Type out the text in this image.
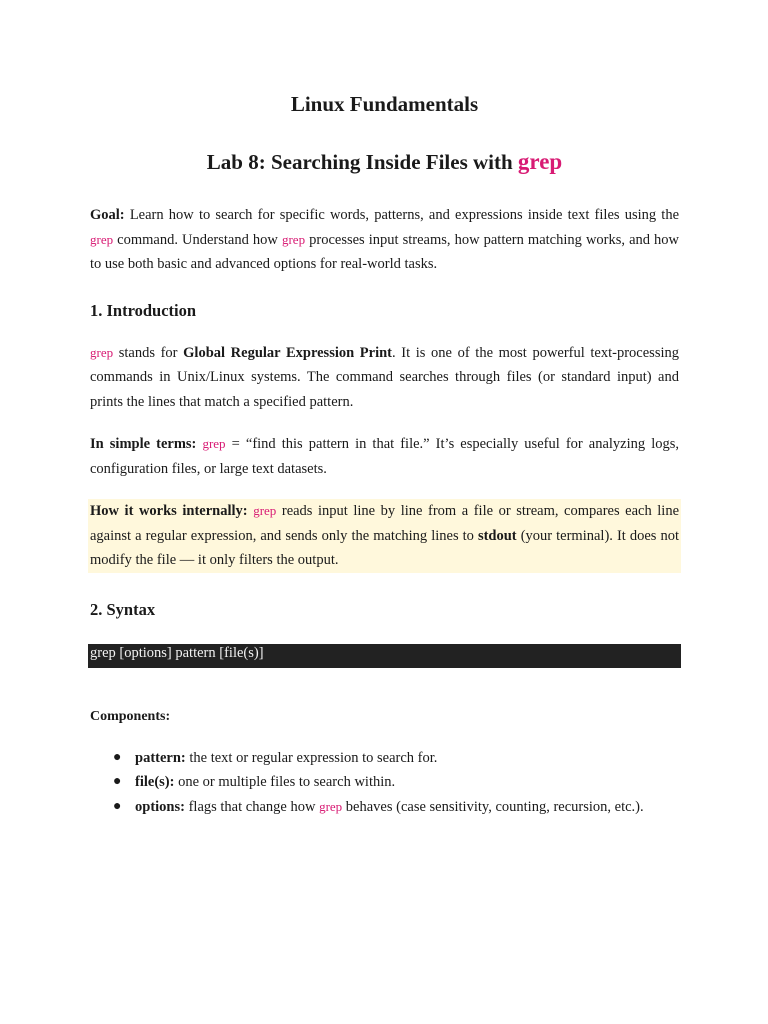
Linux Fundamentals
Lab 8: Searching Inside Files with grep

Goal: Learn how to search for specific words, patterns, and expressions inside text files using the grep command. Understand how grep processes input streams, how pattern matching works, and how to use both basic and advanced options for real-world tasks.

1. Introduction

grep stands for Global Regular Expression Print. It is one of the most powerful text-processing commands in Unix/Linux systems. The command searches through files (or standard input) and prints the lines that match a specified pattern.

In simple terms: grep = “find this pattern in that file.” It’s especially useful for analyzing logs, configuration files, or large text datasets.

How it works internally: grep reads input line by line from a file or stream, compares each line against a regular expression, and sends only the matching lines to stdout (your terminal). It does not modify the file — it only filters the output.

2. Syntax
grep [options] pattern [file(s)]
Components:
● pattern: the text or regular expression to search for.
● file(s): one or multiple files to search within.
● options: flags that change how grep behaves (case sensitivity, counting, recursion, etc.).
